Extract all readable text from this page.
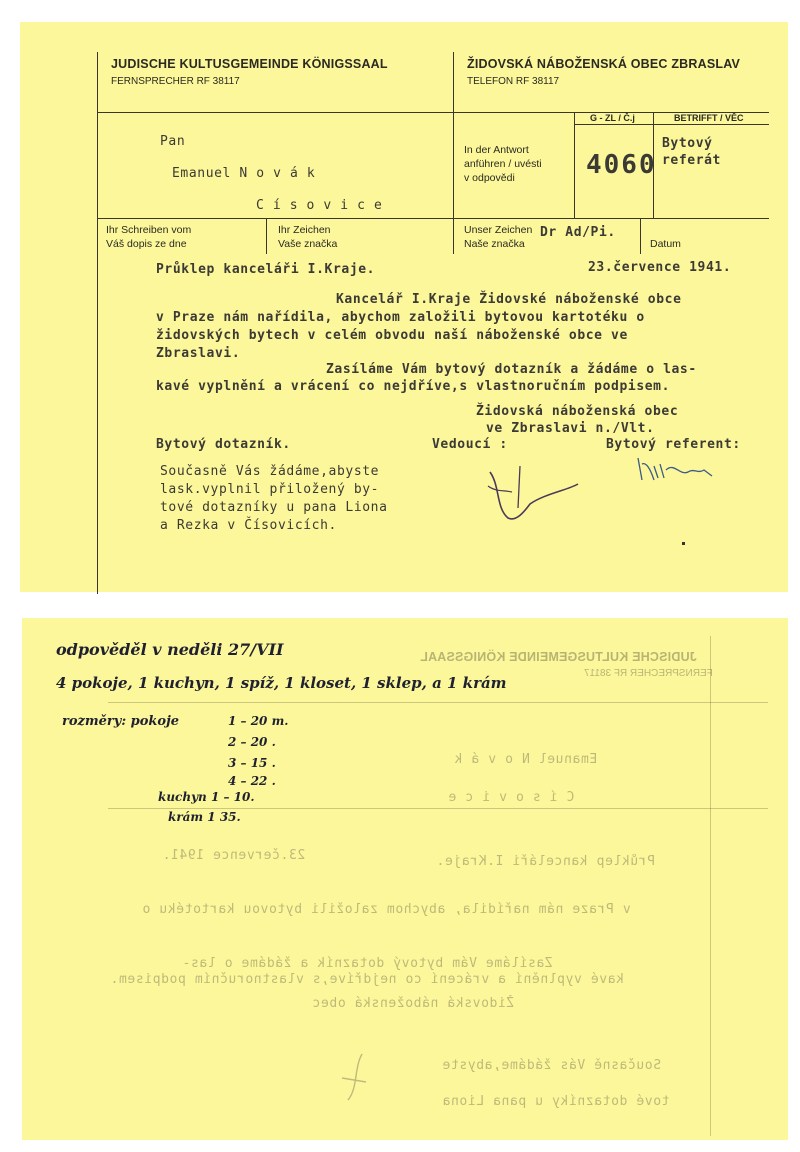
JUDISCHE KULTUSGEMEINDE KÖNIGSSAAL
FERNSPRECHER RF 38117
ŽIDOVSKÁ NÁBOŽENSKÁ OBEC ZBRASLAV
TELEFON RF 38117
Pan
Emanuel N o v á k
C í s o v i c e
In der Antwort
anführen / uvésti
v odpovědi
G - ZL / Č.j	BETRIFFT / VĚC
4060
Bytový
referát
Ihr Schreiben vom
Váš dopis ze dne
Ihr Zeichen
Vaše značka
Unser Zeichen
Naše značka
Dr Ad/Pi.
Datum
Průklep kanceláři I.Kraje.	23.července 1941.
Kancelář I.Kraje Židovské náboženské obce
v Praze nám nařídila, abychom založili bytovou kartotéku o
židovských bytech v celém obvodu naší náboženské obce ve
Zbraslavi.
Zasíláme Vám bytový dotazník a žádáme o las-
kavé vyplnění a vrácení co nejdříve,s vlastnoručním podpisem.
Židovská náboženská obec
ve Zbraslavi n./Vlt.
Bytový dotazník.	Vedoucí :	Bytový referent:
Současně Vás žádáme,abyste
lask.vyplnil přiložený by-
tové dotazníky u pana Liona
a Rezka v Čísovicích.
JUDISCHE KULTUSGEMEINDE KÖNIGSSAAL
FERNSPRECHER RF 38117
Emanuel N o v á k
C í s o v i c e
Průklep kanceláři I.Kraje.
23.července 1941.
v Praze nám nařídila, abychom založili bytovou kartotéku o
Zasíláme Vám bytový dotazník a žádáme o las-
kavé vyplnění a vrácení co nejdříve,s vlastnoručním podpisem.
Židovská náboženská obec
Současně Vás žádáme,abyste
tové dotazníky u pana Liona
odpověděl v neděli 27/VII
4 pokoje, 1 kuchyn, 1 spíž, 1 kloset, 1 sklep, a 1 krám
rozměry: pokoje	1 – 20 m.
2 – 20 .
3 – 15 .
4 – 22 .
kuchyn 1 – 10.
krám 1 35.
